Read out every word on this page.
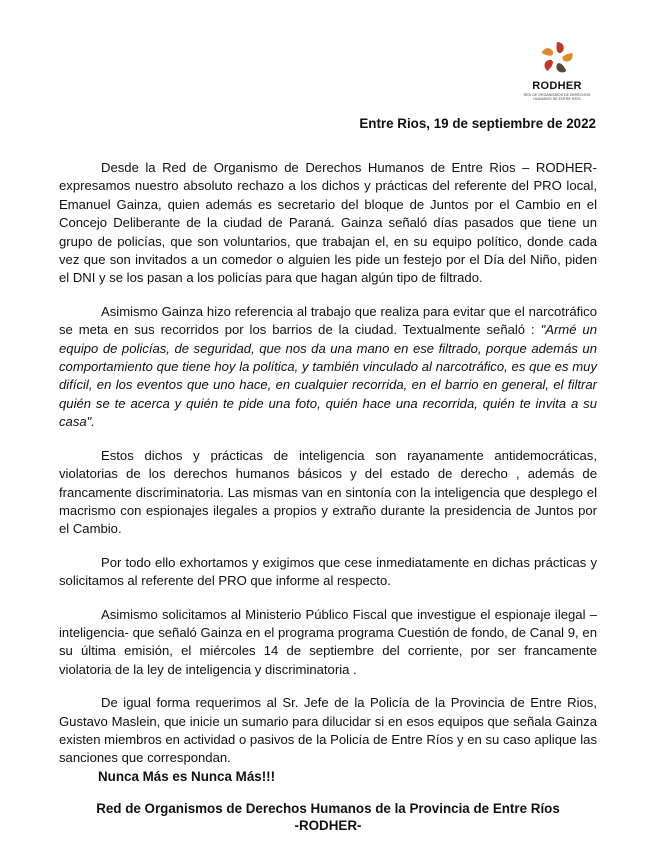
RODHER
RED DE ORGANISMOS DE DERECHOS HUMANOS DE ENTRE RÍOS
Entre Rios, 19 de septiembre de 2022

Desde la Red de Organismo de Derechos Humanos de Entre Rios – RODHER- expresamos nuestro absoluto rechazo a los dichos y prácticas del referente del PRO local, Emanuel Gainza, quien además es secretario del bloque de Juntos por el Cambio en el Concejo Deliberante de la ciudad de Paraná. Gainza señaló días pasados que tiene un grupo de policías, que son voluntarios, que trabajan el, en su equipo político, donde cada vez que son invitados a un comedor o alguien les pide un festejo por el Día del Niño, piden el DNI y se los pasan a los policías para que hagan algún tipo de filtrado.

Asimismo Gainza hizo referencia al trabajo que realiza para evitar que el narcotráfico se meta en sus recorridos por los barrios de la ciudad. Textualmente señaló : "Armé un equipo de policías, de seguridad, que nos da una mano en ese filtrado, porque además un comportamiento que tiene hoy la política, y también vinculado al narcotráfico, es que es muy difícil, en los eventos que uno hace, en cualquier recorrida, en el barrio en general, el filtrar quién se te acerca y quién te pide una foto, quién hace una recorrida, quién te invita a su casa".

Estos dichos y prácticas de inteligencia son rayanamente antidemocráticas, violatorias de los derechos humanos básicos y del estado de derecho , además de francamente discriminatoria. Las mismas van en sintonía con la inteligencia que desplego el macrismo con espionajes ilegales a propios y extraño durante la presidencia de Juntos por el Cambio.

Por todo ello exhortamos y exigimos que cese inmediatamente en dichas prácticas y solicitamos al referente del PRO que informe al respecto.

Asimismo solicitamos al Ministerio Público Fiscal que investigue el espionaje ilegal – inteligencia- que señaló Gainza en el programa programa Cuestión de fondo, de Canal 9, en su última emisión, el miércoles 14 de septiembre del corriente, por ser francamente violatoria de la ley de inteligencia y discriminatoria .

De igual forma requerimos al Sr. Jefe de la Policía de la Provincia de Entre Rios, Gustavo Maslein, que inicie un sumario para dilucidar si en esos equipos que señala Gainza existen miembros en actividad o pasivos de la Policía de Entre Ríos y en su caso aplique las sanciones que correspondan.

Nunca Más es Nunca Más!!!
Red de Organismos de Derechos Humanos de la Provincia de Entre Ríos
-RODHER-
